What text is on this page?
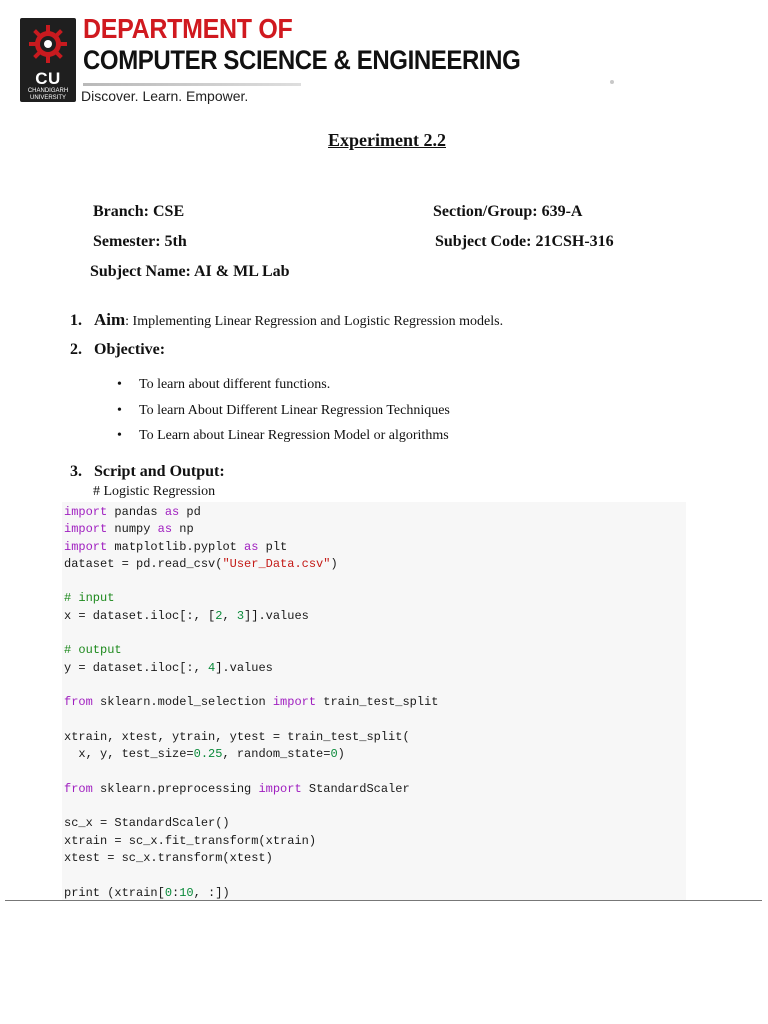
CU
CHANDIGARH UNIVERSITY
DEPARTMENT OF
COMPUTER SCIENCE & ENGINEERING
Discover. Learn. Empower.
Experiment 2.2
Branch: CSE	Section/Group: 639-A
Semester: 5th	Subject Code: 21CSH-316
Subject Name: AI & ML Lab
1. Aim: Implementing Linear Regression and Logistic Regression models.
2. Objective:
• To learn about different functions.
• To learn About Different Linear Regression Techniques
• To Learn about Linear Regression Model or algorithms
3. Script and Output:
# Logistic Regression
import pandas as pd
import numpy as np
import matplotlib.pyplot as plt
dataset = pd.read_csv("User_Data.csv")

# input
x = dataset.iloc[:, [2, 3]].values

# output
y = dataset.iloc[:, 4].values

from sklearn.model_selection import train_test_split

xtrain, xtest, ytrain, ytest = train_test_split(
x, y, test_size=0.25, random_state=0)

from sklearn.preprocessing import StandardScaler

sc_x = StandardScaler()
xtrain = sc_x.fit_transform(xtrain)
xtest = sc_x.transform(xtest)

print (xtrain[0:10, :])
